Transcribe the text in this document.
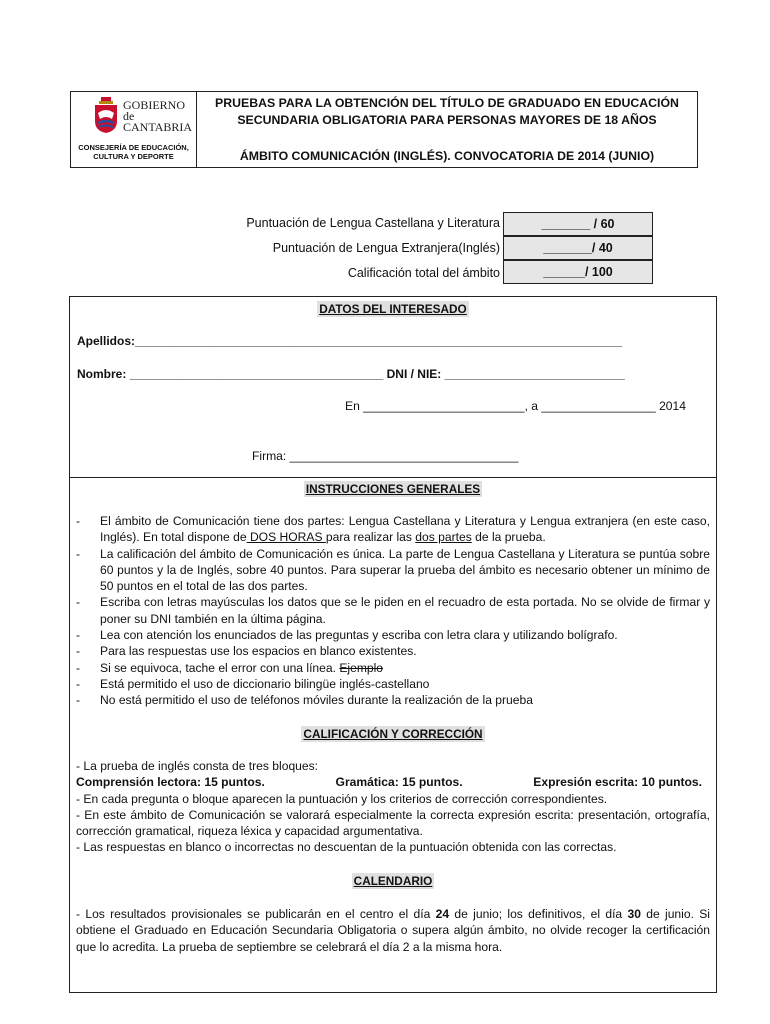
GOBIERNO
de
CANTABRIA
CONSEJERÍA DE EDUCACIÓN,
CULTURA Y DEPORTE
PRUEBAS PARA LA OBTENCIÓN DEL TÍTULO DE GRADUADO EN EDUCACIÓN
SECUNDARIA OBLIGATORIA PARA PERSONAS MAYORES DE 18 AÑOS
ÁMBITO COMUNICACIÓN (INGLÉS). CONVOCATORIA DE 2014 (JUNIO)
Puntuación de Lengua Castellana y Literatura	_______ / 60
Puntuación de Lengua Extranjera(Inglés)	_______/ 40
Calificación total del ámbito	______/ 100
DATOS DEL INTERESADO
Apellidos:_________________________________________________________________________
Nombre: ______________________________________ DNI / NIE: ___________________________
En ________________________, a _________________ 2014
Firma: __________________________________
INSTRUCCIONES GENERALES
- El ámbito de Comunicación tiene dos partes: Lengua Castellana y Literatura y Lengua extranjera (en este caso, Inglés). En total dispone de DOS HORAS para realizar las dos partes de la prueba.
- La calificación del ámbito de Comunicación es única. La parte de Lengua Castellana y Literatura se puntúa sobre 60 puntos y la de Inglés, sobre 40 puntos. Para superar la prueba del ámbito es necesario obtener un mínimo de 50 puntos en el total de las dos partes.
- Escriba con letras mayúsculas los datos que se le piden en el recuadro de esta portada. No se olvide de firmar y poner su DNI también en la última página.
- Lea con atención los enunciados de las preguntas y escriba con letra clara y utilizando bolígrafo.
- Para las respuestas use los espacios en blanco existentes.
- Si se equivoca, tache el error con una línea. Ejemplo
- Está permitido el uso de diccionario bilingüe inglés-castellano
- No está permitido el uso de teléfonos móviles durante la realización de la prueba
CALIFICACIÓN Y CORRECCIÓN
- La prueba de inglés consta de tres bloques:
Comprensión lectora: 15 puntos.	Gramática: 15 puntos.	Expresión escrita: 10 puntos.
- En cada pregunta o bloque aparecen la puntuación y los criterios de corrección correspondientes.
- En este ámbito de Comunicación se valorará especialmente la correcta expresión escrita: presentación, ortografía, corrección gramatical, riqueza léxica y capacidad argumentativa.
- Las respuestas en blanco o incorrectas no descuentan de la puntuación obtenida con las correctas.
CALENDARIO
- Los resultados provisionales se publicarán en el centro el día 24 de junio; los definitivos, el día 30 de junio. Si obtiene el Graduado en Educación Secundaria Obligatoria o supera algún ámbito, no olvide recoger la certificación que lo acredita. La prueba de septiembre se celebrará el día 2 a la misma hora.
